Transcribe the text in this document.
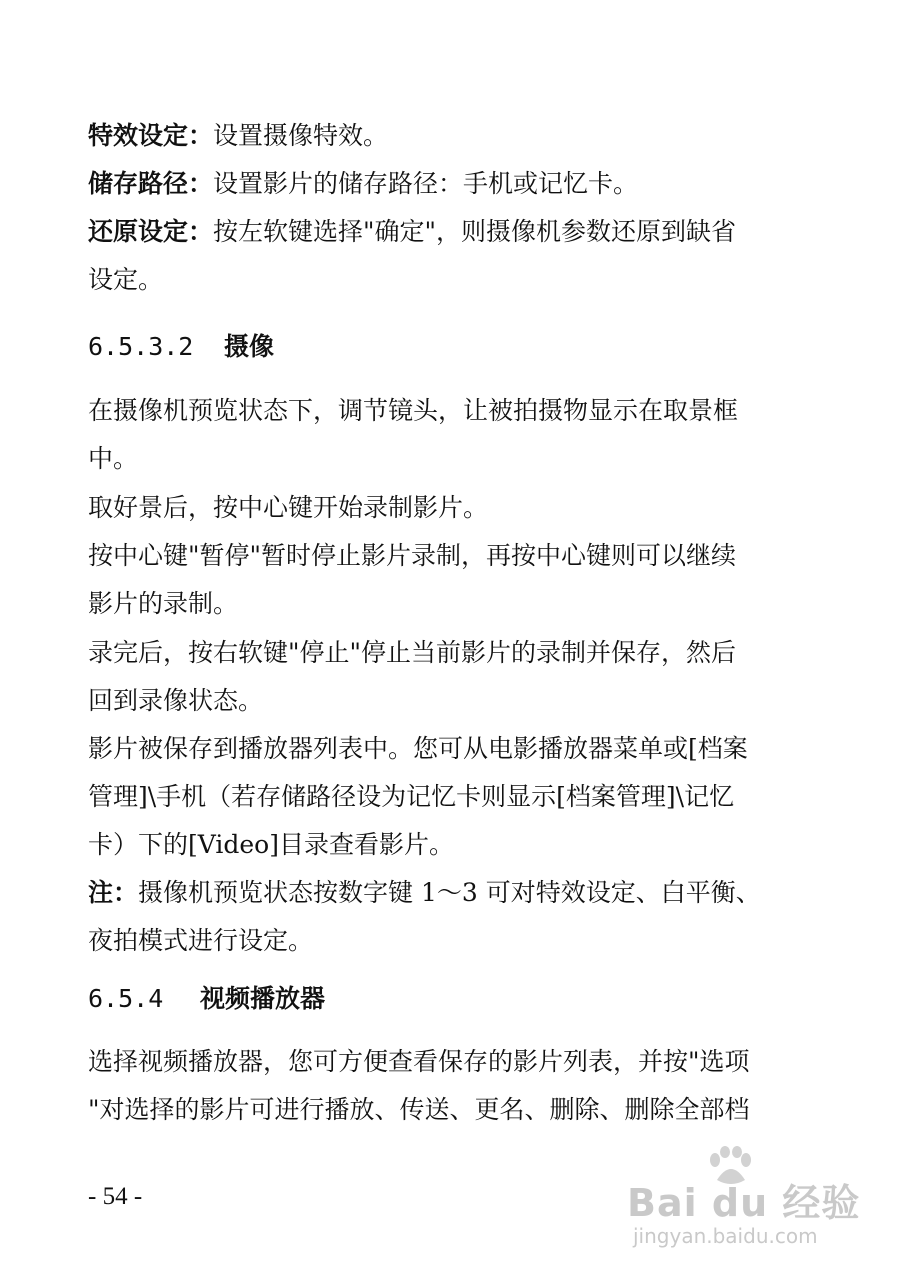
特效设定：设置摄像特效。
储存路径：设置影片的储存路径：手机或记忆卡。
还原设定：按左软键选择"确定"，则摄像机参数还原到缺省
设定。
6.5.3.2 摄像
在摄像机预览状态下，调节镜头，让被拍摄物显示在取景框
中。
取好景后，按中心键开始录制影片。
按中心键"暂停"暂时停止影片录制，再按中心键则可以继续
影片的录制。
录完后，按右软键"停止"停止当前影片的录制并保存，然后
回到录像状态。
影片被保存到播放器列表中。您可从电影播放器菜单或[档案
管理]\手机（若存储路径设为记忆卡则显示[档案管理]\记忆
卡）下的[Video]目录查看影片。
注：摄像机预览状态按数字键 1～3 可对特效设定、白平衡、
夜拍模式进行设定。
6.5.4 视频播放器
选择视频播放器，您可方便查看保存的影片列表，并按"选项
"对选择的影片可进行播放、传送、更名、删除、删除全部档
- 54 -	Bai du 经验
jingyan.baidu.com
